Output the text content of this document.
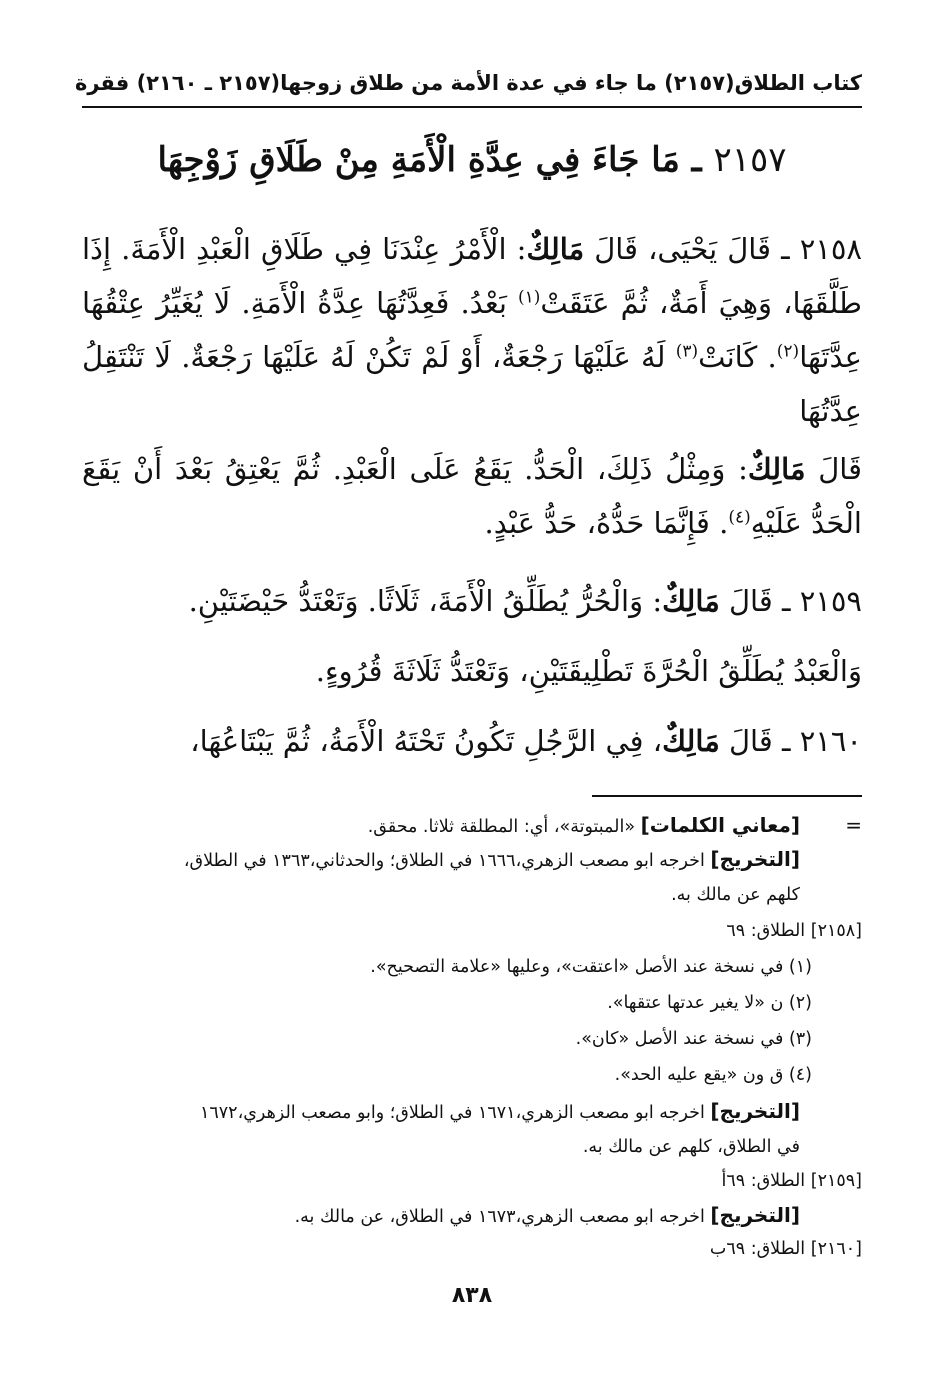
كتاب الطلاق
(٢١٥٧) ما جاء في عدة الأمة من طلاق زوجها
(٢١٥٧ ـ ٢١٦٠) فقرة
٢١٥٧ ـ مَا جَاءَ فِي عِدَّةِ الْأَمَةِ مِنْ طَلَاقِ زَوْجِهَا
٢١٥٨ ـ قَالَ يَحْيَى، قَالَ مَالِكٌ: الْأَمْرُ عِنْدَنَا فِي طَلَاقِ الْعَبْدِ الْأَمَةَ. إِذَا طَلَّقَهَا، وَهِيَ أَمَةٌ، ثُمَّ عَتَقَتْ$^{(١)}$ بَعْدُ. فَعِدَّتُهَا عِدَّةُ الْأَمَةِ. لَا يُغَيِّرُ عِتْقُهَا عِدَّتَهَا$^{(٢)}$. كَانَتْ$^{(٣)}$ لَهُ عَلَيْهَا رَجْعَةٌ، أَوْ لَمْ تَكُنْ لَهُ عَلَيْهَا رَجْعَةٌ. لَا تَنْتَقِلُ عِدَّتُهَا
قَالَ مَالِكٌ: وَمِثْلُ ذَلِكَ، الْحَدُّ. يَقَعُ عَلَى الْعَبْدِ. ثُمَّ يَعْتِقُ بَعْدَ أَنْ يَقَعَ الْحَدُّ عَلَيْهِ$^{(٤)}$. فَإِنَّمَا حَدُّهُ، حَدُّ عَبْدٍ.
٢١٥٩ ـ قَالَ مَالِكٌ: وَالْحُرُّ يُطَلِّقُ الْأَمَةَ، ثَلَاثًا. وَتَعْتَدُّ حَيْضَتَيْنِ.
وَالْعَبْدُ يُطَلِّقُ الْحُرَّةَ تَطْلِيقَتَيْنِ، وَتَعْتَدُّ ثَلَاثَةَ قُرُوءٍ.
٢١٦٠ ـ قَالَ مَالِكٌ، فِي الرَّجُلِ تَكُونُ تَحْتَهُ الْأَمَةُ، ثُمَّ يَبْتَاعُهَا،
=
[معاني الكلمات] «المبتوتة»، أي: المطلقة ثلاثا. محقق.
[التخريج] اخرجه ابو مصعب الزهري،١٦٦٦ في الطلاق؛ والحدثاني،١٣٦٣ في الطلاق،
كلهم عن مالك به.
[٢١٥٨] الطلاق: ٦٩
(١) في نسخة عند الأصل «اعتقت»، وعليها «علامة التصحيح».
(٢) ن «لا يغير عدتها عتقها».
(٣) في نسخة عند الأصل «كان».
(٤) ق ون «يقع عليه الحد».
[التخريج] اخرجه ابو مصعب الزهري،١٦٧١ في الطلاق؛ وابو مصعب الزهري،١٦٧٢
في الطلاق، كلهم عن مالك به.
[٢١٥٩] الطلاق: ٦٩أ
[التخريج] اخرجه ابو مصعب الزهري،١٦٧٣ في الطلاق، عن مالك به.
[٢١٦٠] الطلاق: ٦٩ب
٨٣٨
